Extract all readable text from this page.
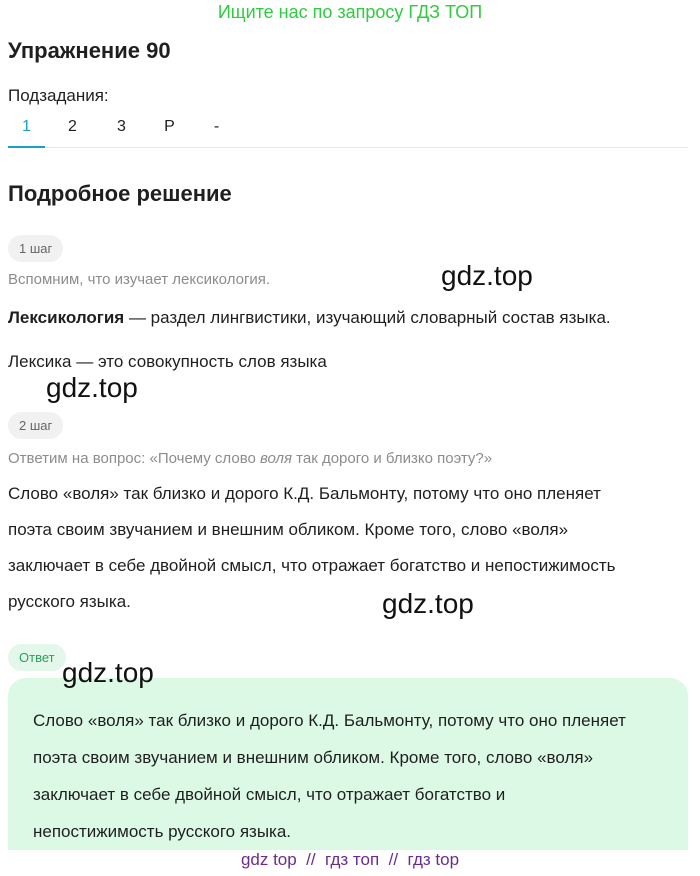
Ищите нас по запросу ГДЗ ТОП
Упражнение 90
Подзадания:
1	2	3	Р	-
Подробное решение
1 шаг
Вспомним, что изучает лексикология.
Лексикология — раздел лингвистики, изучающий словарный состав языка.
Лексика — это совокупность слов языка
2 шаг
Ответим на вопрос: «Почему слово воля так дорого и близко поэту?»
Слово «воля» так близко и дорого К.Д. Бальмонту, потому что оно пленяет
поэта своим звучанием и внешним обликом. Кроме того, слово «воля»
заключает в себе двойной смысл, что отражает богатство и непостижимость
русского языка.
Ответ
Слово «воля» так близко и дорого К.Д. Бальмонту, потому что оно пленяет
поэта своим звучанием и внешним обликом. Кроме того, слово «воля»
заключает в себе двойной смысл, что отражает богатство и
непостижимость русского языка.
gdz.top
gdz.top
gdz.top
gdz.top
gdz top  //  гдз топ  //  гдз top
